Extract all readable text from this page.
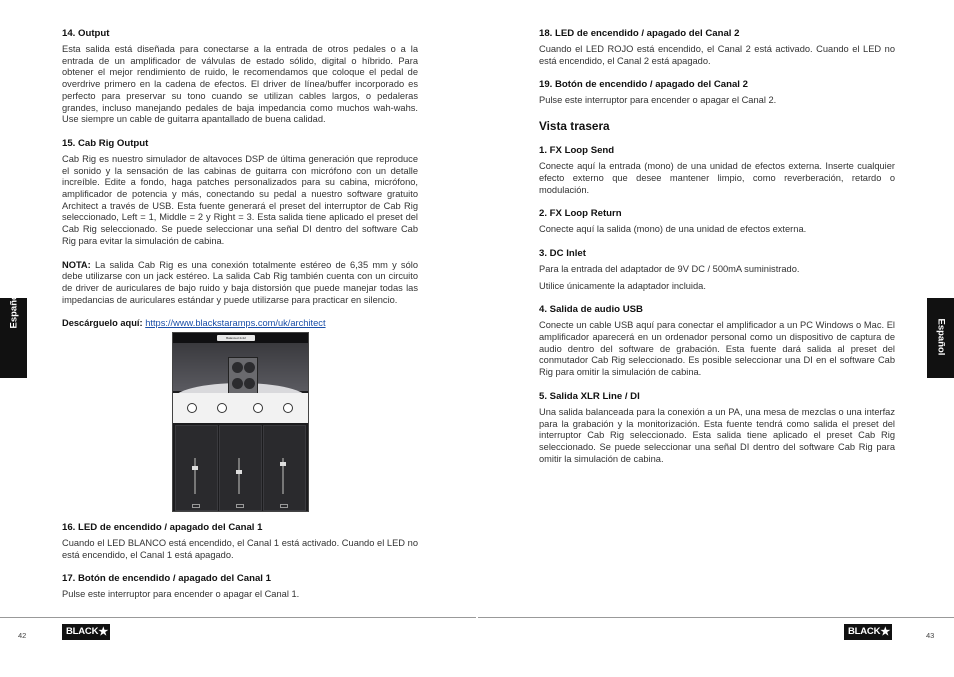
14. Output

Esta salida está diseñada para conectarse a la entrada de otros pedales o a la entrada de un amplificador de válvulas de estado sólido, digital o híbrido. Para obtener el mejor rendimiento de ruido, le recomendamos que coloque el pedal de overdrive primero en la cadena de efectos. El driver de línea/buffer incorporado es perfecto para preservar su tono cuando se utilizan cables largos, o pedaleras grandes, incluso manejando pedales de baja impedancia como muchos wah-wahs. Use siempre un cable de guitarra apantallado de buena calidad.

15. Cab Rig Output

Cab Rig es nuestro simulador de altavoces DSP de última generación que reproduce el sonido y la sensación de las cabinas de guitarra con micrófono con un detalle increíble. Edite a fondo, haga patches personalizados para su cabina, micrófono, amplificador de potencia y más, conectando su pedal a nuestro software gratuito Architect a través de USB. Esta fuente generará el preset del interruptor de Cab Rig seleccionado, Left = 1, Middle = 2 y Right = 3. Esta salida tiene aplicado el preset del Cab Rig seleccionado. Se puede seleccionar una señal DI dentro del software Cab Rig para evitar la simulación de cabina.

NOTA: La salida Cab Rig es una conexión totalmente estéreo de 6,35 mm y sólo debe utilizarse con un jack estéreo. La salida Cab Rig también cuenta con un circuito de driver de auriculares de bajo ruido y baja distorsión que puede manejar todas las impedancias de auriculares estándar y puede utilizarse para practicar en silencio.

Descárguelo aquí: https://www.blackstaramps.com/uk/architect

Balanced 4x12
16. LED de encendido / apagado del Canal 1

Cuando el LED BLANCO está encendido, el Canal 1 está activado. Cuando el LED no está encendido, el Canal 1 está apagado.

17. Botón de encendido / apagado del Canal 1

Pulse este interruptor para encender o apagar el Canal 1.

18. LED de encendido / apagado del Canal 2

Cuando el LED ROJO está encendido, el Canal 2 está activado. Cuando el LED no está encendido, el Canal 2 está apagado.

19. Botón de encendido / apagado del Canal 2

Pulse este interruptor para encender o apagar el Canal 2.

Vista trasera
1. FX Loop Send

Conecte aquí la entrada (mono) de una unidad de efectos externa. Inserte cualquier efecto externo que desee mantener limpio, como reverberación, retardo o modulación.

2. FX Loop Return

Conecte aquí la salida (mono) de una unidad de efectos externa.

3. DC Inlet

Para la entrada del adaptador de 9V DC / 500mA suministrado.

Utilice únicamente la adaptador incluida.

4. Salida de audio USB

Conecte un cable USB aquí para conectar el amplificador a un PC Windows o Mac. El amplificador aparecerá en un ordenador personal como un dispositivo de captura de audio dentro del software de grabación. Esta fuente dará salida al preset del conmutador Cab Rig seleccionado. Es posible seleccionar una DI en el software Cab Rig para omitir la simulación de cabina.

5. Salida XLR Line / DI

Una salida balanceada para la conexión a un PA, una mesa de mezclas o una interfaz para la grabación y la monitorización. Esta fuente tendrá como salida el preset del interruptor Cab Rig seleccionado. Esta salida tiene aplicado el preset Cab Rig seleccionado. Se puede seleccionar una señal DI dentro del software Cab Rig para omitir la simulación de cabina.

42	BLACK ★	BLACK ★	43
